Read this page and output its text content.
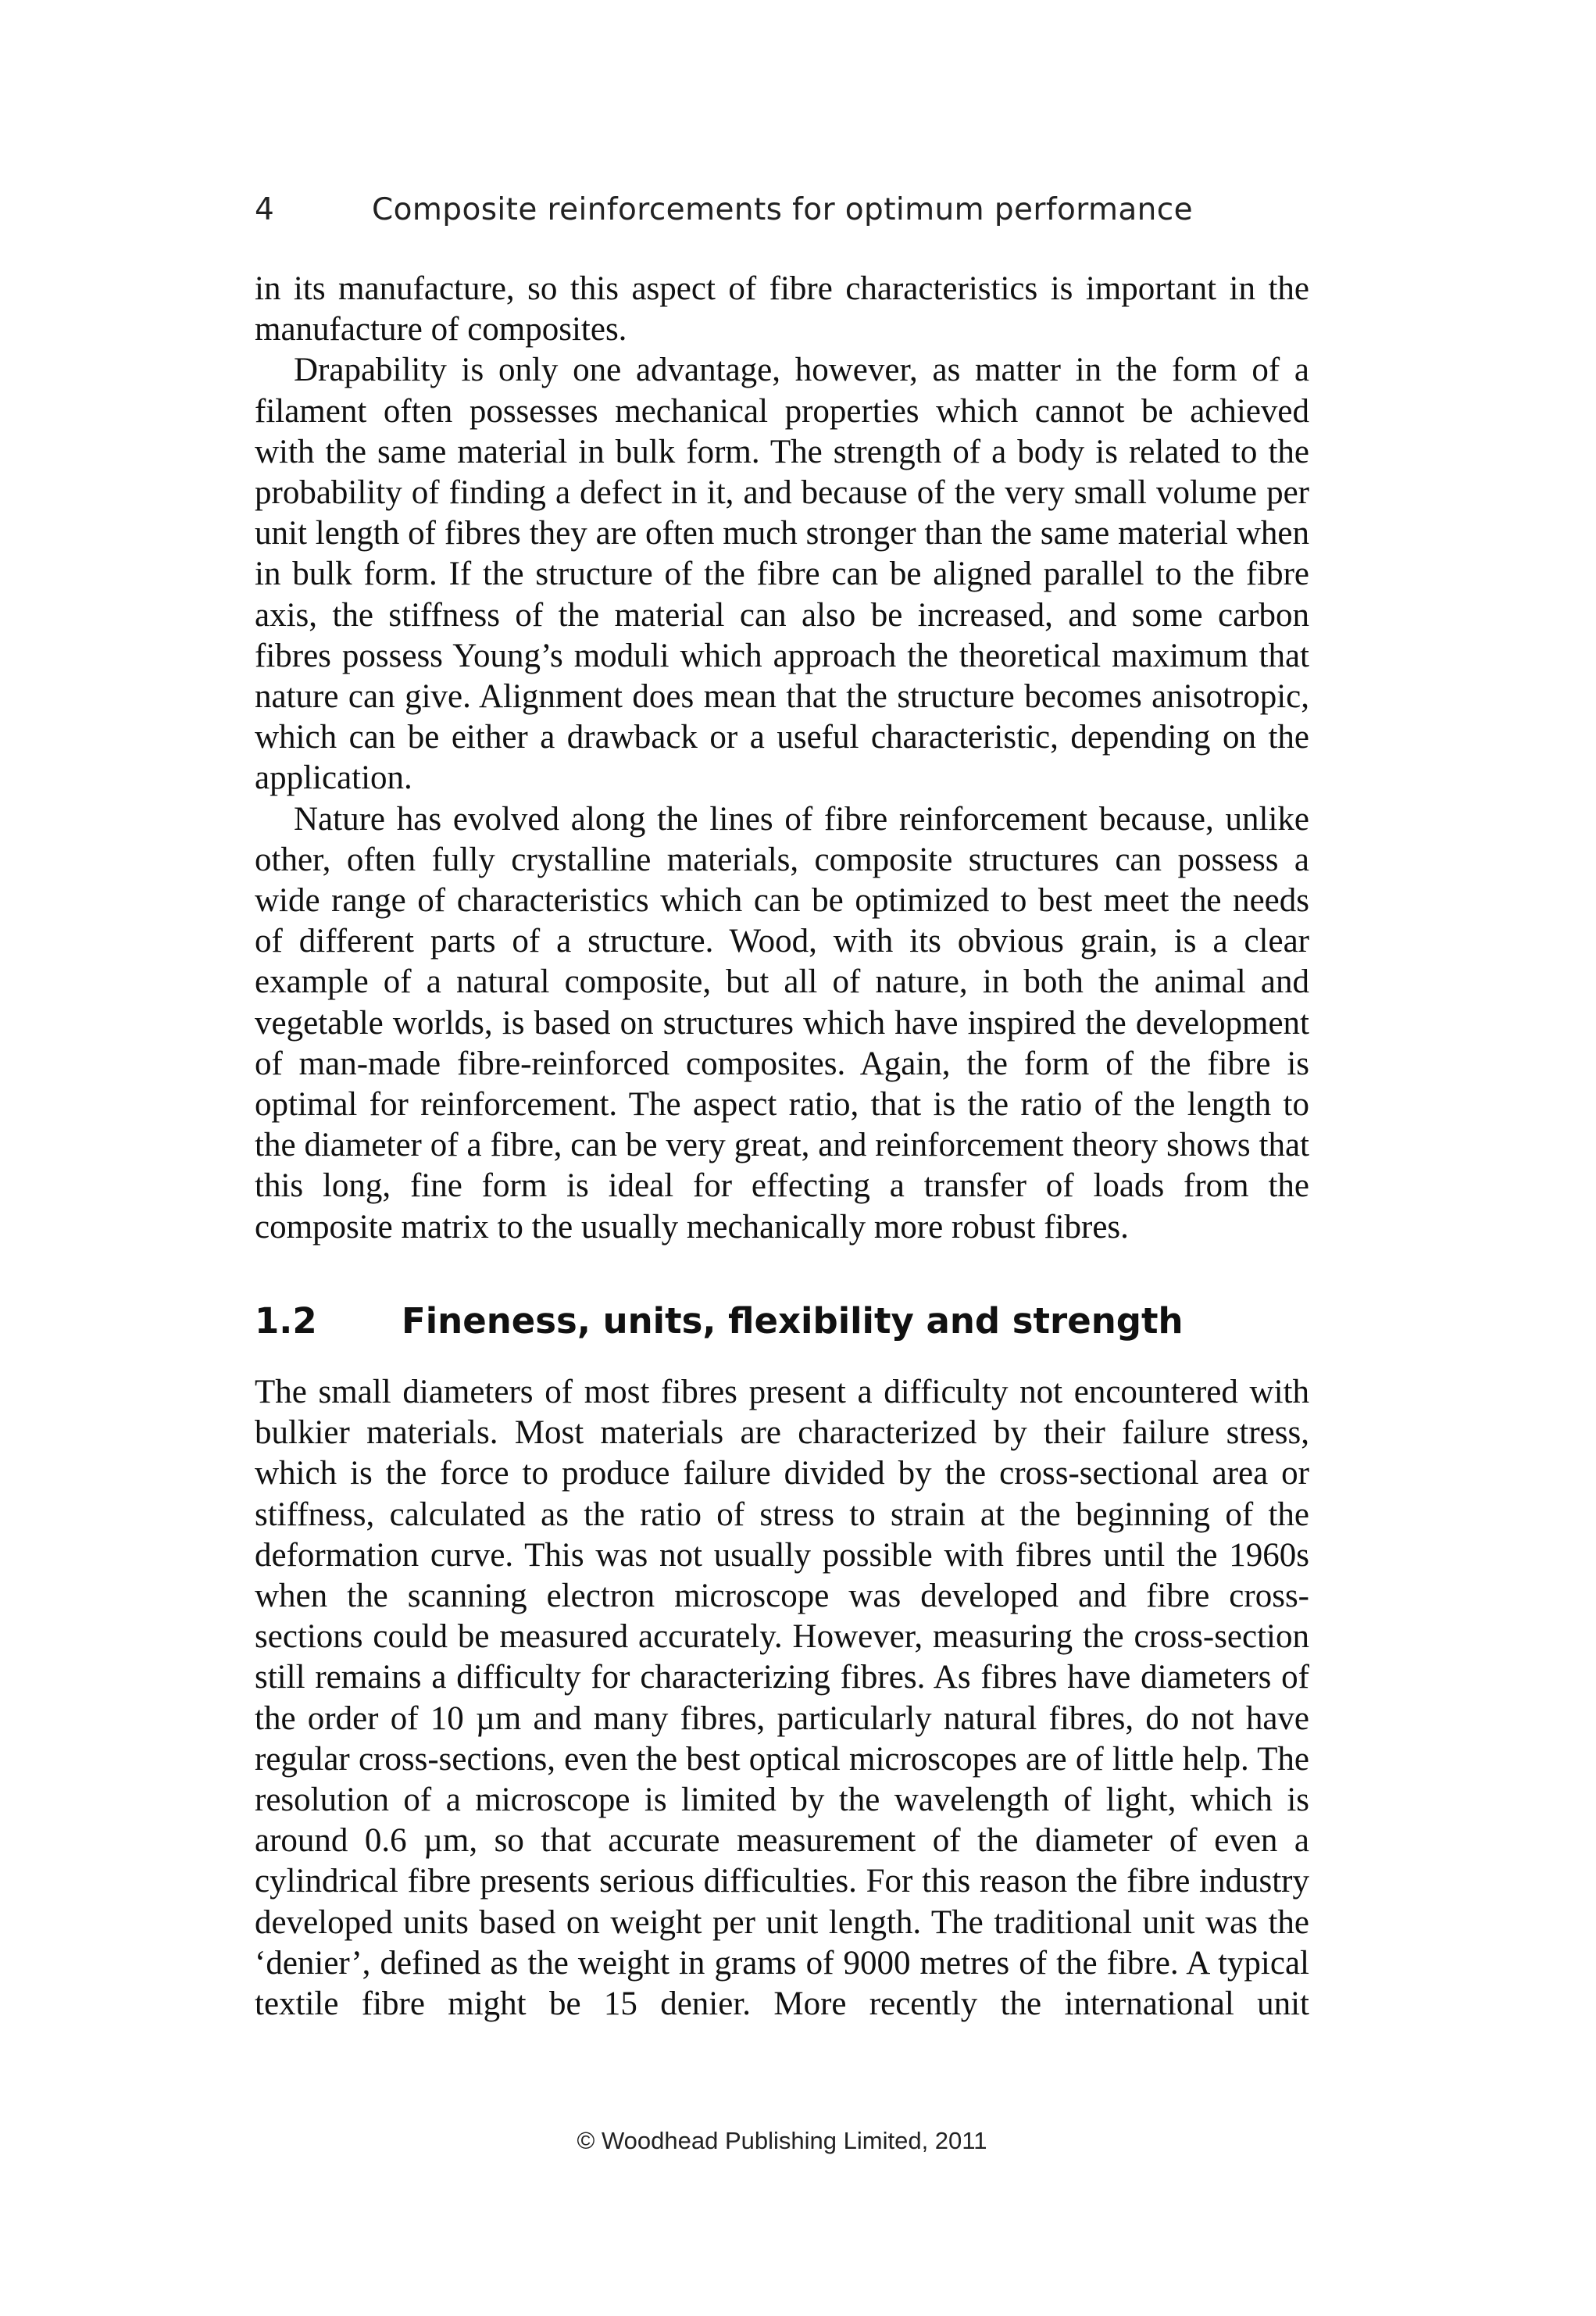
4	Composite reinforcements for optimum performance

in its manufacture, so this aspect of fibre characteristics is important in the manufacture of composites.

Drapability is only one advantage, however, as matter in the form of a filament often possesses mechanical properties which cannot be achieved with the same material in bulk form. The strength of a body is related to the probability of finding a defect in it, and because of the very small volume per unit length of fibres they are often much stronger than the same material when in bulk form. If the structure of the fibre can be aligned parallel to the fibre axis, the stiffness of the material can also be increased, and some carbon fibres possess Young’s moduli which approach the theoretical maximum that nature can give. Alignment does mean that the structure becomes anisotropic, which can be either a drawback or a useful characteristic, depending on the application.

Nature has evolved along the lines of fibre reinforcement because, unlike other, often fully crystalline materials, composite structures can possess a wide range of characteristics which can be optimized to best meet the needs of different parts of a structure. Wood, with its obvious grain, is a clear example of a natural composite, but all of nature, in both the animal and vegetable worlds, is based on structures which have inspired the development of man-made fibre-reinforced composites. Again, the form of the fibre is optimal for reinforcement. The aspect ratio, that is the ratio of the length to the diameter of a fibre, can be very great, and reinforcement theory shows that this long, fine form is ideal for effecting a transfer of loads from the composite matrix to the usually mechanically more robust fibres.

1.2 Fineness, units, flexibility and strength

The small diameters of most fibres present a difficulty not encountered with bulkier materials. Most materials are characterized by their failure stress, which is the force to produce failure divided by the cross-sectional area or stiffness, calculated as the ratio of stress to strain at the beginning of the deformation curve. This was not usually possible with fibres until the 1960s when the scanning electron microscope was developed and fibre cross-sections could be measured accurately. However, measuring the cross-section still remains a difficulty for characterizing fibres. As fibres have diameters of the order of 10 µm and many fibres, particularly natural fibres, do not have regular cross-sections, even the best optical microscopes are of little help. The resolution of a microscope is limited by the wavelength of light, which is around 0.6 µm, so that accurate measurement of the diameter of even a cylindrical fibre presents serious difficulties. For this reason the fibre industry developed units based on weight per unit length. The traditional unit was the ‘denier’, defined as the weight in grams of 9000 metres of the fibre. A typical textile fibre might be 15 denier. More recently the international unit

© Woodhead Publishing Limited, 2011
